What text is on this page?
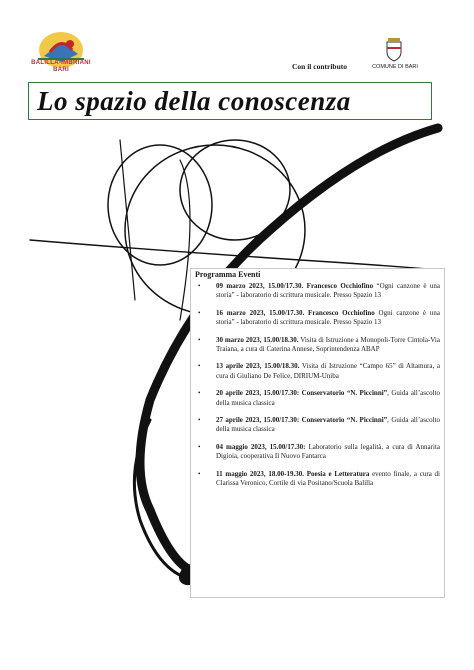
BALILLA-IMBRIANI
BARI	Con il contributo	COMUNE DI BARI
Lo spazio della conoscenza
Programma Eventi
• 09 marzo 2023, 15.00/17.30. Francesco Occhiofino “Ogni canzone è una storia” - laboratorio di scrittura musicale. Presso Spazio 13
• 16 marzo 2023, 15.00/17.30. Francesco Occhiofino Ogni canzone è una storia” - laboratorio di scrittura musicale. Presso Spazio 13
• 30 marzo 2023, 15.00/18.30. Visita di Istruzione a Monopoli-Torre Cintola-Via Traiana, a cura di Caterina Annese, Soprintendenza ABAP
• 13 aprile 2023, 15.00/18.30. Visita di Istruzione “Campo 65” di Altamura, a cura di Giuliano De Felice, DIRIUM-Uniba
• 20 aprile 2023, 15.00/17.30: Conservatorio “N. Piccinni”, Guida all’ascolto della musica classica
• 27 aprile 2023, 15.00/17.30: Conservatorio “N. Piccinni”, Guida all’ascolto della musica classica
• 04 maggio 2023, 15.00/17.30: Laboratorio sulla legalità, a cura di Annarita Digioia, cooperativa Il Nuovo Fantarca
• 11 maggio 2023, 18.00-19.30. Poesia e Letteratura evento finale, a cura di Clarissa Veronico, Cortile di via Positano/Scuola Balilla
